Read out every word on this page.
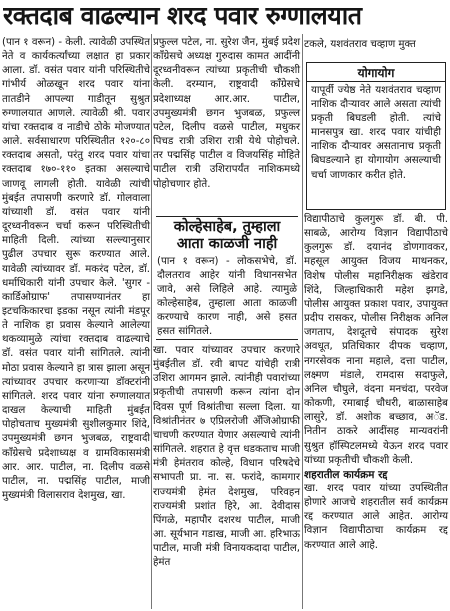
रक्तदाब वाढल्यान शरद पवार रुग्णालयात

(पान १ वरून) - केली. त्यावेळी उपस्थित नेते व कार्यकर्त्यांच्या लक्षात हा प्रकार आला. डॉ. वसंत पवार यांनी परिस्थितीचे गांभीर्य ओळखून शरद पवार यांना तातडीने आपल्या गाडीतून सुश्रुत रुग्णालयात आणले. त्यावेळी श्री. पवार यांचा रक्तदाब व नाडीचे ठोके मोजण्यात आले. सर्वसाधारण परिस्थितीत १२०-८० रक्तदाब असतो, परंतु शरद पवार यांचा रक्तदाब १७०-११० इतका असल्याचे जाणवू लागली होती. यावेळी त्यांची मुंबईत तपासणी करणारे डॉ. गोलवाला यांच्याशी डॉ. वसंत पवार यांनी दूरध्वनीवरून चर्चा करून परिस्थितीची माहिती दिली. त्यांच्या सल्ल्यानुसार पुढील उपचार सुरू करण्यात आले. यावेळी त्यांच्यावर डॉ. मकरंद पटेल, डॉ. धर्माधिकारी यांनी उपचार केले. 'सुगर - कार्डिओग्राफ' तपासण्यानंतर हा इटचकिकारचा इडका नसून त्यांनी मंडपूर ते नाशिक हा प्रवास केल्याने आलेल्या थकव्यामुळे त्यांचा रक्तदाब वाढल्याचे डॉ. वसंत पवार यांनी सांगितले. त्यांनी मोठा प्रवास केल्याने हा त्रास झाला असून त्यांच्यावर उपचार करणाऱ्या डॉक्टरांनी सांगितले. शरद पवार यांना रुग्णालयात दाखल केल्याची माहिती मुंबईत पोहोचताच मुख्यमंत्री सुशीलकुमार शिंदे, उपमुख्यमंत्री छगन भुजबळ, राष्ट्रवादी काँग्रेसचे प्रदेशाध्यक्ष व ग्रामविकासमंत्री आर. आर. पाटील, ना. दिलीप वळसे पाटील, ना. पद्मसिंह पाटील, माजी मुख्यमंत्री विलासराव देशमुख, खा.

प्रफुल्ल पटेल, ना. सुरेश जैन, मुंबई प्रदेश काँग्रेसचे अध्यक्ष गुरुदास कामत आदींनी दूरध्वनीवरून त्यांच्या प्रकृतीची चौकशी केली. दरम्यान, राष्ट्रवादी काँग्रेसचे प्रदेशाध्यक्ष आर.आर. पाटील, उपमुख्यमंत्री छगन भुजबळ, प्रफुल्ल पटेल, दिलीप वळसे पाटील, मधुकर पिचड रात्री उशिरा रात्री येथे पोहोचले. तर पद्मसिंह पाटील व विजयसिंह मोहिते पाटील रात्री उशिरापर्यंत नाशिकमध्ये पोहोचणार होते.

कोल्हेसाहेब, तुम्हाला
आता काळजी नाही
(पान १ वरून) - लोकसभेचे, डॉ. दौलतराव आहेर यांनी विधानसभेत जावे, असे लिहिले आहे. त्यामुळे कोल्हेसाहेब, तुम्हाला आता काळजी करण्याचे कारण नाही, असे हसत हसत सांगितले.

खा. पवार यांच्यावर उपचार करणारे मुंबईतील डॉ. रवी बापट यांचेही रात्री उशिरा आगमन झाले. त्यांनीही पवारांच्या प्रकृतीची तपासणी करून त्यांना दोन दिवस पूर्ण विश्रांतीचा सल्ला दिला. या विश्रांतीनंतर ७ एप्रिलरोजी अँजिओग्राफी चाचणी करण्यात येणार असल्याचे त्यांनी सांगितले. शहरात हे वृत्त धडकताच माजी मंत्री हेमंतराव कोल्हे, विधान परिषदेचे सभापती प्रा. ना. स. फरांदे, कामगार राज्यमंत्री हेमंत देशमुख, परिवहन राज्यमंत्री प्रशांत हिरे, आ. देवीदास पिंगळे, महापौर दशरथ पाटील, माजी आ. सूर्यभान गडाख, माजी आ. हरिभाऊ पाटील, माजी मंत्री विनायकदादा पाटील, हेमंत

टकले, यशवंतराव चव्हाण मुक्त

योगायोग
यापूर्वी ज्येष्ठ नेते यशवंतराव चव्हाण नाशिक दौऱ्यावर आले असता त्यांची प्रकृती बिघडली होती. त्यांचे मानसपुत्र खा. शरद पवार यांचीही नाशिक दौऱ्यावर असतानाच प्रकृती बिघडल्याने हा योगायोग असल्याची चर्चा जाणकार करीत होते.

विद्यापीठाचे कुलगुरू डॉ. बी. पी. साबळे, आरोग्य विज्ञान विद्यापीठाचे कुलगुरू डॉ. दयानंद डोणगावकर, महसूल आयुक्त विजय माथनकर, विशेष पोलीस महानिरीक्षक खंडेराव शिंदे, जिल्हाधिकारी महेश झगडे, पोलीस आयुक्त प्रकाश पवार, उपायुक्त प्रदीप रासकर, पोलीस निरीक्षक अनिल जगताप, देशदूतचे संपादक सुरेश अवधूत, प्रतिधिकार दीपक चव्हाण, नगरसेवक नाना महाले, दत्ता पाटील, लक्ष्मण मंडाले, रामदास सदाफुले, अनिल चौघुले, वंदना मनचंदा, परवेज कोकणी, रमाबाई चौधरी, बाळासाहेब लासुरे, डॉ. अशोक बच्छाव, अॅड. नितीन ठाकरे आदींसह मान्यवरांनी सुश्रुत हॉस्पिटलमध्ये येऊन शरद पवार यांच्या प्रकृतीची चौकशी केली.

शहरातील कार्यक्रम रद्द

खा. शरद पवार यांच्या उपस्थितीत होणारे आजचे शहरातील सर्व कार्यक्रम रद्द करण्यात आले आहेत. आरोग्य विज्ञान विद्यापीठाचा कार्यक्रम रद्द करण्यात आले आहे.
